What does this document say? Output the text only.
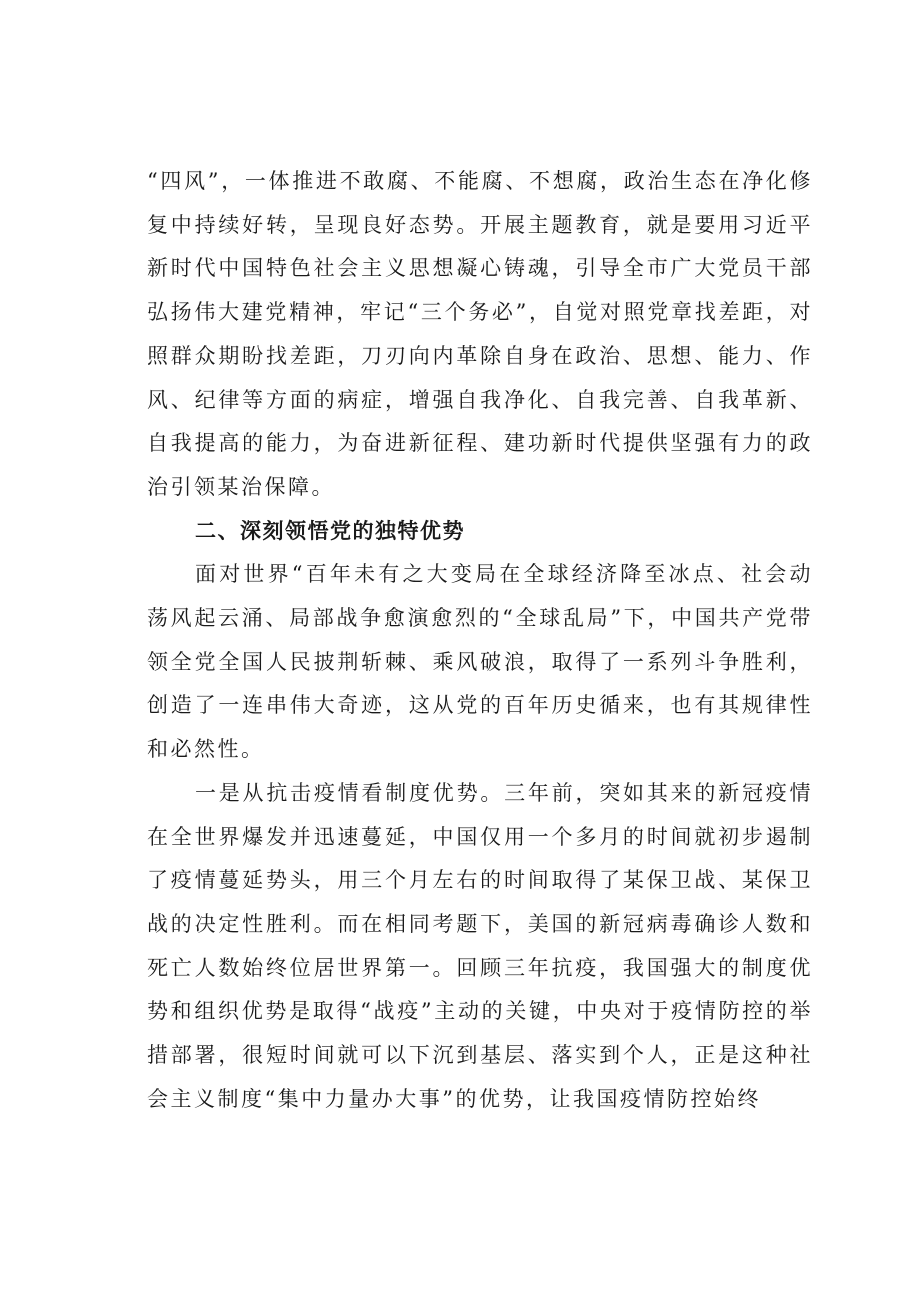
“四风”，一体推进不敢腐、不能腐、不想腐，政治生态在净化修复中持续好转，呈现良好态势。开展主题教育，就是要用习近平新时代中国特色社会主义思想凝心铸魂，引导全市广大党员干部弘扬伟大建党精神，牢记“三个务必”，自觉对照党章找差距，对照群众期盼找差距，刀刃向内革除自身在政治、思想、能力、作风、纪律等方面的病症，增强自我净化、自我完善、自我革新、自我提高的能力，为奋进新征程、建功新时代提供坚强有力的政治引领某治保障。

二、深刻领悟党的独特优势

面对世界“百年未有之大变局在全球经济降至冰点、社会动荡风起云涌、局部战争愈演愈烈的“全球乱局”下，中国共产党带领全党全国人民披荆斩棘、乘风破浪，取得了一系列斗争胜利，创造了一连串伟大奇迹，这从党的百年历史循来，也有其规律性和必然性。

一是从抗击疫情看制度优势。三年前，突如其来的新冠疫情在全世界爆发并迅速蔓延，中国仅用一个多月的时间就初步遏制了疫情蔓延势头，用三个月左右的时间取得了某保卫战、某保卫战的决定性胜利。而在相同考题下，美国的新冠病毒确诊人数和死亡人数始终位居世界第一。回顾三年抗疫，我国强大的制度优势和组织优势是取得“战疫”主动的关键，中央对于疫情防控的举措部署，很短时间就可以下沉到基层、落实到个人，正是这种社会主义制度“集中力量办大事”的优势，让我国疫情防控始终
